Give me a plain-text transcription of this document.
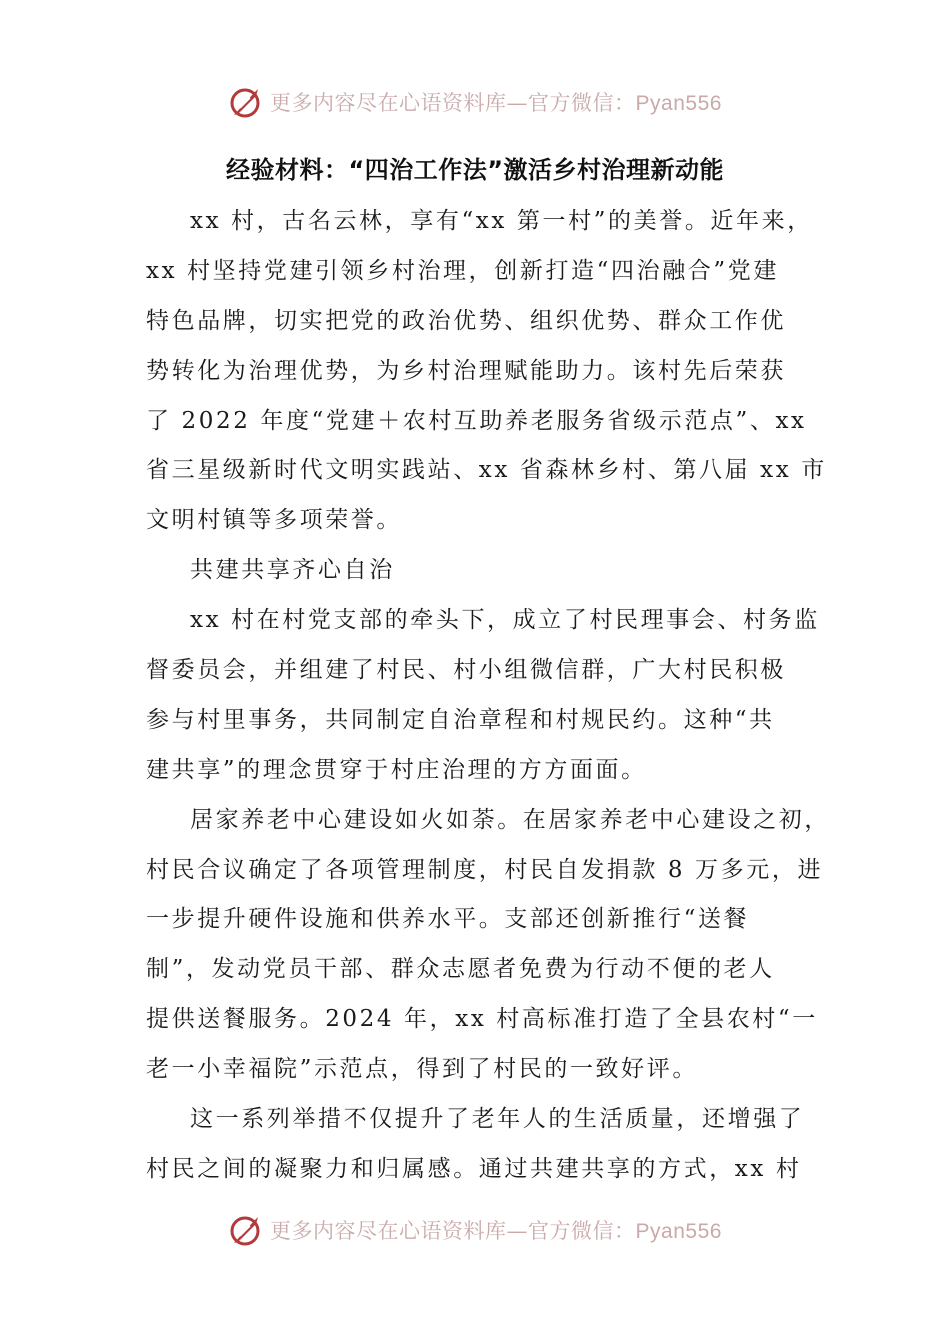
更多内容尽在心语资料库—官方微信：Pyan556
经验材料：“四治工作法”激活乡村治理新动能
xx 村，古名云林，享有“xx 第一村”的美誉。近年来，
xx 村坚持党建引领乡村治理，创新打造“四治融合”党建
特色品牌，切实把党的政治优势、组织优势、群众工作优
势转化为治理优势，为乡村治理赋能助力。该村先后荣获
了 2022 年度“党建＋农村互助养老服务省级示范点”、xx
省三星级新时代文明实践站、xx 省森林乡村、第八届 xx 市
文明村镇等多项荣誉。
共建共享齐心自治
xx 村在村党支部的牵头下，成立了村民理事会、村务监
督委员会，并组建了村民、村小组微信群，广大村民积极
参与村里事务，共同制定自治章程和村规民约。这种“共
建共享”的理念贯穿于村庄治理的方方面面。
居家养老中心建设如火如荼。在居家养老中心建设之初，
村民合议确定了各项管理制度，村民自发捐款 8 万多元，进
一步提升硬件设施和供养水平。支部还创新推行“送餐
制”，发动党员干部、群众志愿者免费为行动不便的老人
提供送餐服务。2024 年，xx 村高标准打造了全县农村“一
老一小幸福院”示范点，得到了村民的一致好评。
这一系列举措不仅提升了老年人的生活质量，还增强了
村民之间的凝聚力和归属感。通过共建共享的方式，xx 村
更多内容尽在心语资料库—官方微信：Pyan556
